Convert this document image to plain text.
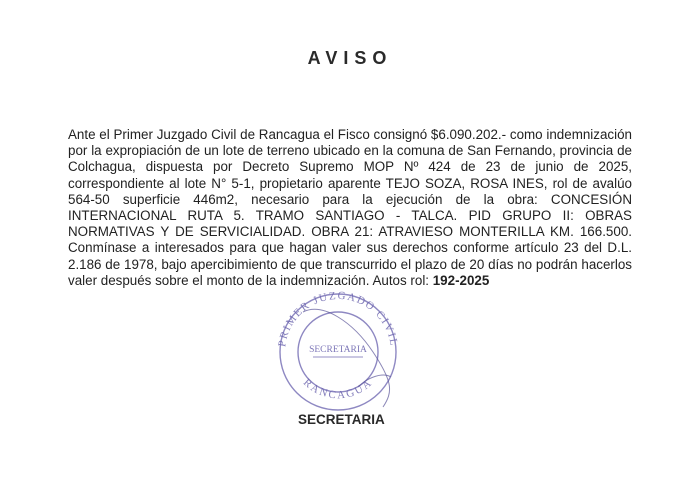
AVISO
Ante el Primer Juzgado Civil de Rancagua el Fisco consignó $6.090.202.- como indemnización por la expropiación de un lote de terreno ubicado en la comuna de San Fernando, provincia de Colchagua, dispuesta por Decreto Supremo MOP Nº 424 de 23 de junio de 2025, correspondiente al lote N° 5-1, propietario aparente TEJO SOZA, ROSA INES, rol de avalúo 564-50 superficie 446m2, necesario para la ejecución de la obra: CONCESIÓN INTERNACIONAL RUTA 5. TRAMO SANTIAGO - TALCA. PID GRUPO II: OBRAS NORMATIVAS Y DE SERVICIALIDAD. OBRA 21: ATRAVIESO MONTERILLA KM. 166.500. Conmínase a interesados para que hagan valer sus derechos conforme artículo 23 del D.L. 2.186 de 1978, bajo apercibimiento de que transcurrido el plazo de 20 días no podrán hacerlos valer después sobre el monto de la indemnización. Autos rol: 192-2025
PRIMER JUZGADO CIVIL
RANCAGUA
SECRETARIA
SECRETARIA
